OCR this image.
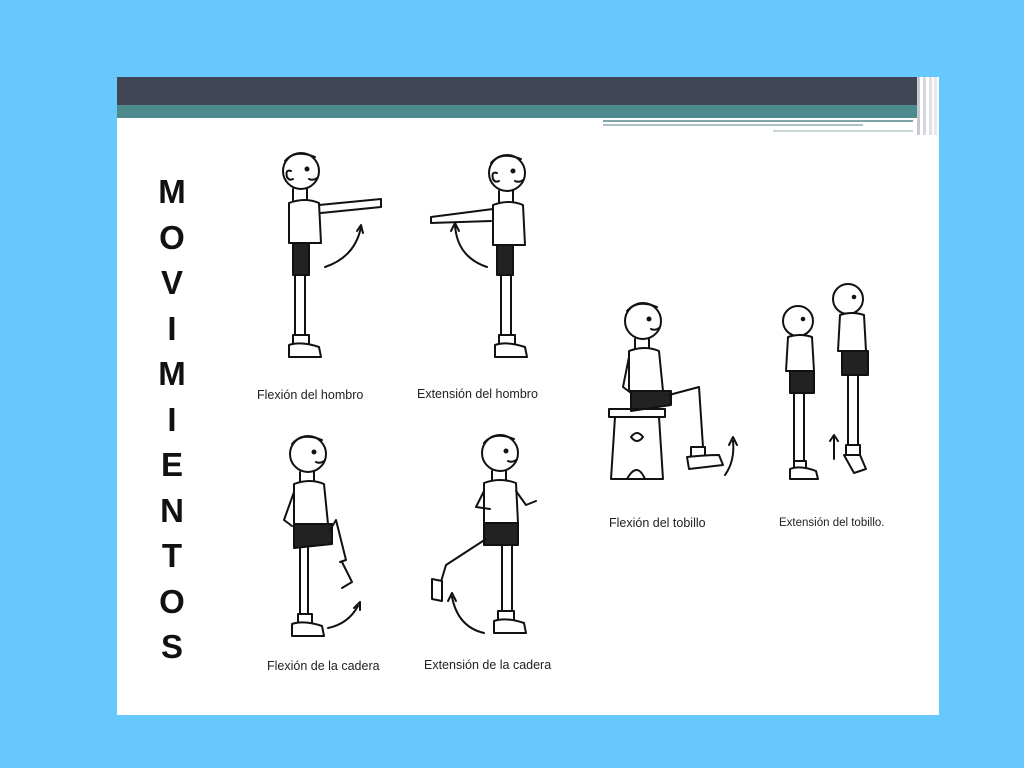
M
O
V
I
M
I
E
N
T
O
S
Flexión del hombro	Extensión del hombro
Flexión de la cadera	Extensión de la cadera
Flexión del tobillo	Extensión del tobillo.
